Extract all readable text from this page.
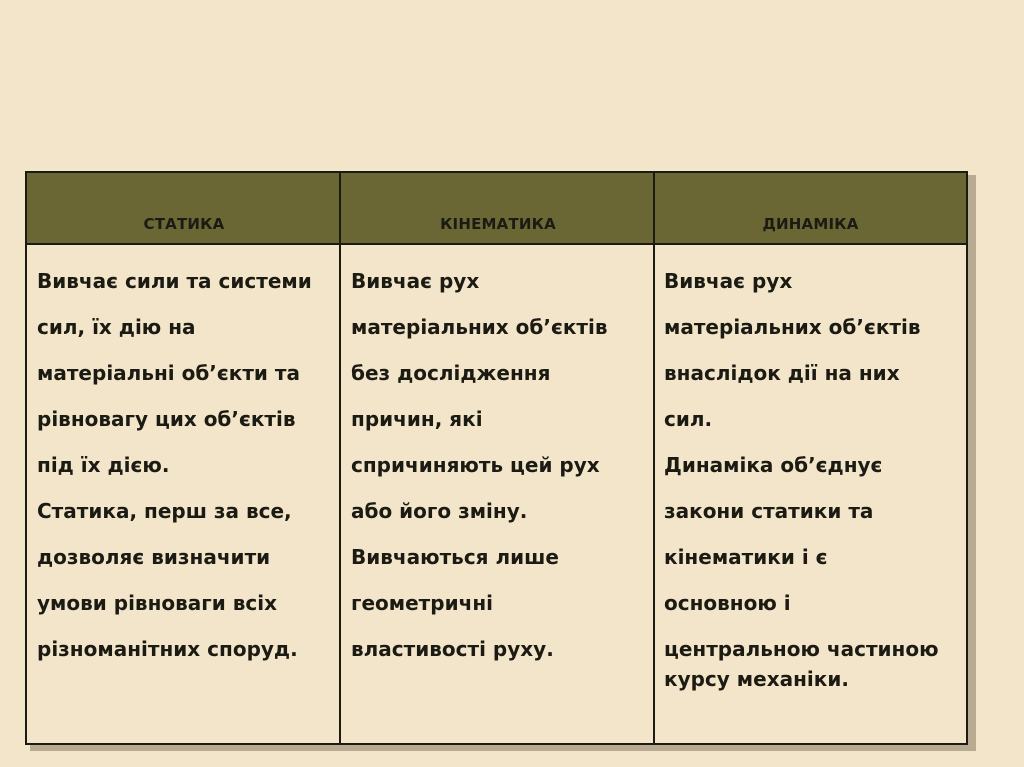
СТАТИКА	КІНЕМАТИКА	ДИНАМІКА
Вивчає сили та системи
сил, їх дію на
матеріальні об’єкти та
рівновагу цих об’єктів
під їх дією.
Статика, перш за все,
дозволяє визначити
умови рівноваги всіх
різноманітних споруд.
Вивчає рух
матеріальних об’єктів
без дослідження
причин, які
спричиняють цей рух
або його зміну.
Вивчаються лише
геометричні
властивості руху.
Вивчає рух
матеріальних об’єктів
внаслідок дії на них
сил.
Динаміка об’єднує
закони статики та
кінематики і є
основною і
центральною частиною
курсу механіки.
